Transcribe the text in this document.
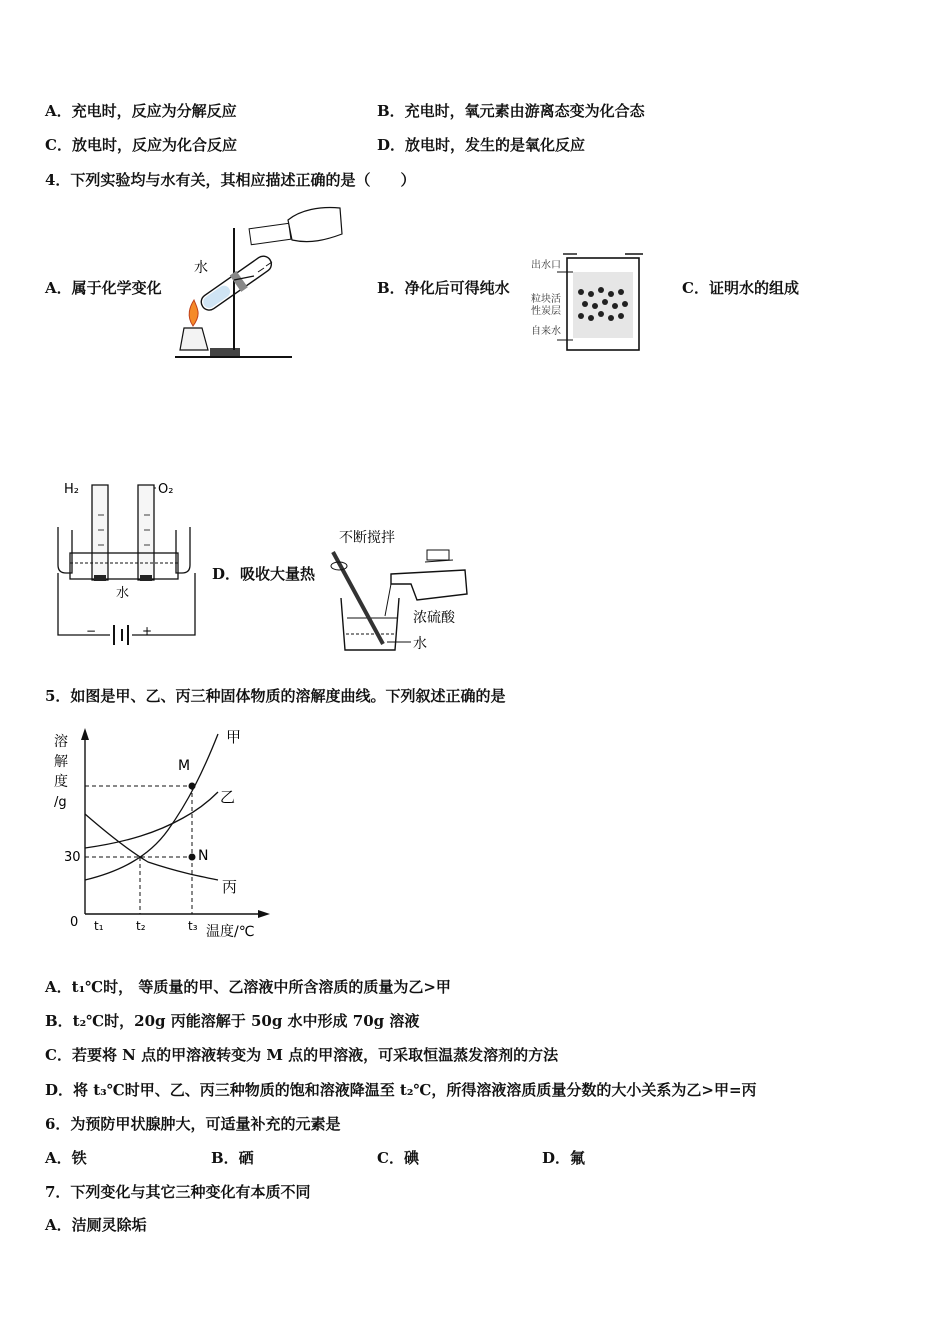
A．充电时，反应为分解反应	B．充电时，氧元素由游离态变为化合态
C．放电时，反应为化合反应	D．放电时，发生的是氧化反应
4．下列实验均与水有关，其相应描述正确的是（　　）
A．属于化学变化	B．净化后可得纯水	C．证明水的组成
水	出水口
粒块活
性炭层
自来水
H₂	O₂
水
−	+
D．吸收大量热
不断搅拌
浓硫酸
水
5．如图是甲、乙、丙三种固体物质的溶解度曲线。下列叙述正确的是
溶
解
度
/g
0
30
温度/℃
t₁	t₂	t₃
M
N
甲
乙
丙
A．t₁℃时， 等质量的甲、乙溶液中所含溶质的质量为乙>甲
B．t₂℃时，20g 丙能溶解于 50g 水中形成 70g 溶液
C．若要将 N 点的甲溶液转变为 M 点的甲溶液，可采取恒温蒸发溶剂的方法
D．将 t₃℃时甲、乙、丙三种物质的饱和溶液降温至 t₂℃，所得溶液溶质质量分数的大小关系为乙>甲=丙
6．为预防甲状腺肿大，可适量补充的元素是
A．铁	B．硒	C．碘	D．氟
7．下列变化与其它三种变化有本质不同
A．洁厕灵除垢
